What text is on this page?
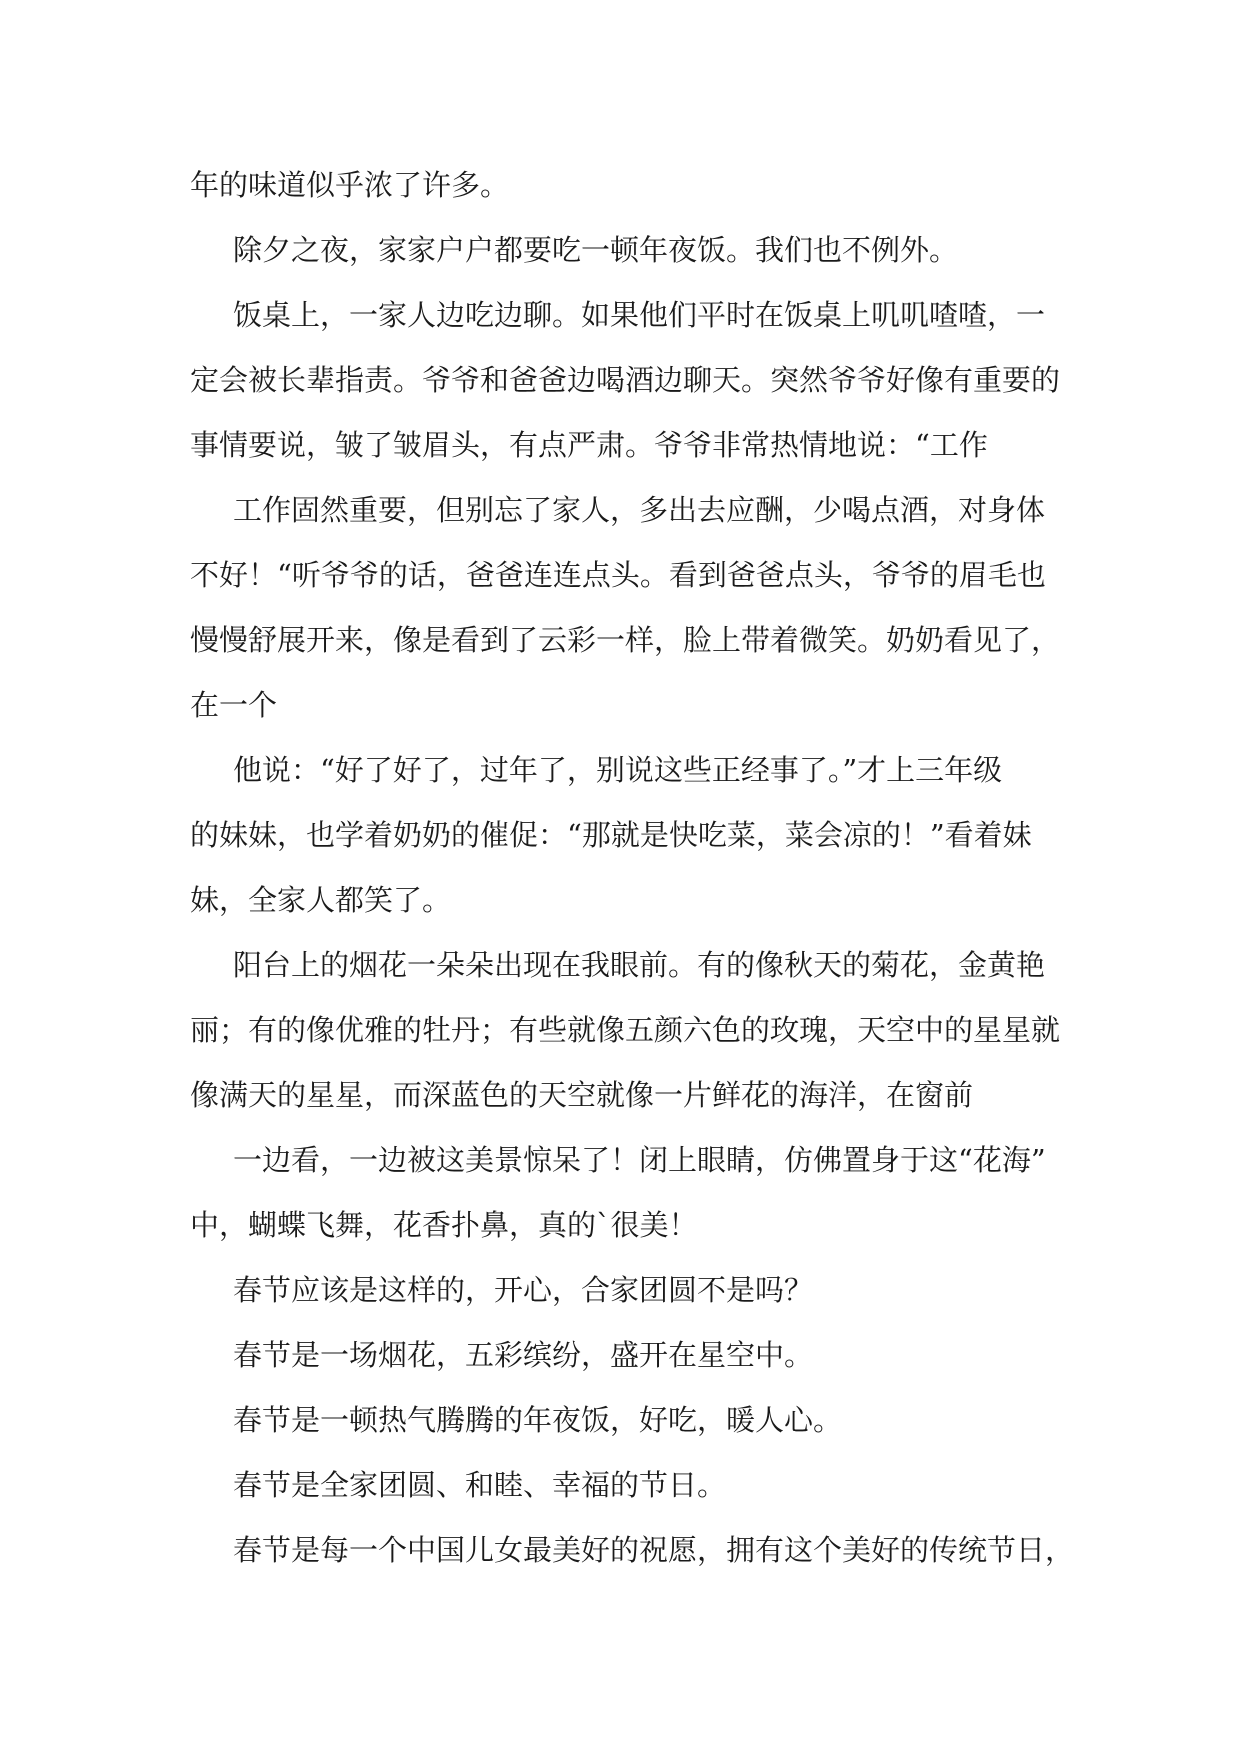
年的味道似乎浓了许多。
除夕之夜，家家户户都要吃一顿年夜饭。我们也不例外。
饭桌上，一家人边吃边聊。如果他们平时在饭桌上叽叽喳喳，一
定会被长辈指责。爷爷和爸爸边喝酒边聊天。突然爷爷好像有重要的
事情要说，皱了皱眉头，有点严肃。爷爷非常热情地说：“工作
工作固然重要，但别忘了家人，多出去应酬，少喝点酒，对身体
不好！“听爷爷的话，爸爸连连点头。看到爸爸点头，爷爷的眉毛也
慢慢舒展开来，像是看到了云彩一样，脸上带着微笑。奶奶看见了，
在一个
他说：“好了好了，过年了，别说这些正经事了。”才上三年级
的妹妹，也学着奶奶的催促：“那就是快吃菜，菜会凉的！”看着妹
妹，全家人都笑了。
阳台上的烟花一朵朵出现在我眼前。有的像秋天的菊花，金黄艳
丽；有的像优雅的牡丹；有些就像五颜六色的玫瑰，天空中的星星就
像满天的星星，而深蓝色的天空就像一片鲜花的海洋，在窗前
一边看，一边被这美景惊呆了！闭上眼睛，仿佛置身于这“花海”
中，蝴蝶飞舞，花香扑鼻，真的`很美！
春节应该是这样的，开心，合家团圆不是吗？
春节是一场烟花，五彩缤纷，盛开在星空中。
春节是一顿热气腾腾的年夜饭，好吃，暖人心。
春节是全家团圆、和睦、幸福的节日。
春节是每一个中国儿女最美好的祝愿，拥有这个美好的传统节日，
